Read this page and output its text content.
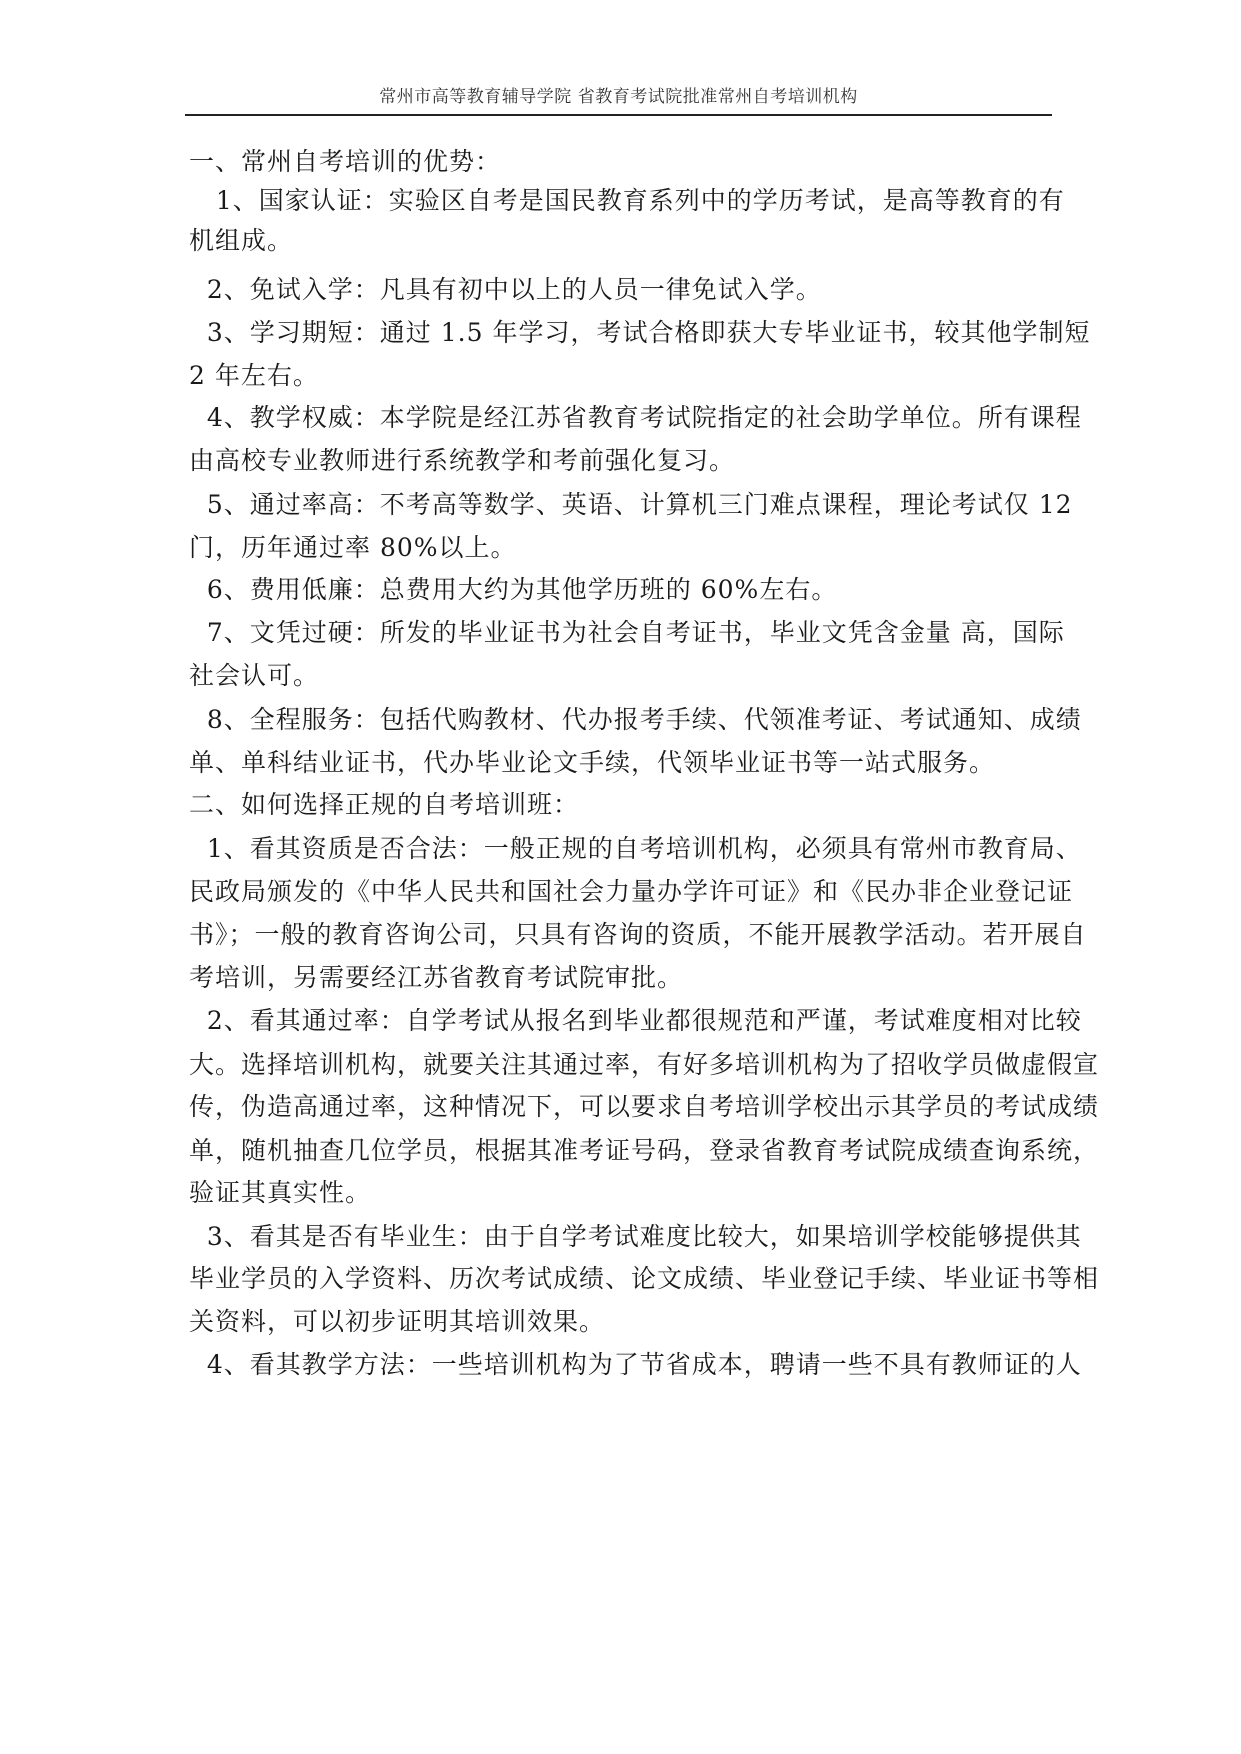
常州市高等教育辅导学院 省教育考试院批准常州自考培训机构

一、常州自考培训的优势：

1、国家认证：实验区自考是国民教育系列中的学历考试，是高等教育的有

机组成。

2、免试入学：凡具有初中以上的人员一律免试入学。

3、学习期短：通过 1.5 年学习，考试合格即获大专毕业证书，较其他学制短

2 年左右。

4、教学权威：本学院是经江苏省教育考试院指定的社会助学单位。所有课程

由高校专业教师进行系统教学和考前强化复习。

5、通过率高：不考高等数学、英语、计算机三门难点课程，理论考试仅 12

门，历年通过率 80%以上。

6、费用低廉：总费用大约为其他学历班的 60%左右。

7、文凭过硬：所发的毕业证书为社会自考证书，毕业文凭含金量 高，国际

社会认可。

8、全程服务：包括代购教材、代办报考手续、代领准考证、考试通知、成绩

单、单科结业证书，代办毕业论文手续，代领毕业证书等一站式服务。

二、如何选择正规的自考培训班：

1、看其资质是否合法：一般正规的自考培训机构，必须具有常州市教育局、

民政局颁发的《中华人民共和国社会力量办学许可证》和《民办非企业登记证

书》；一般的教育咨询公司，只具有咨询的资质，不能开展教学活动。若开展自

考培训，另需要经江苏省教育考试院审批。

2、看其通过率：自学考试从报名到毕业都很规范和严谨，考试难度相对比较

大。选择培训机构，就要关注其通过率，有好多培训机构为了招收学员做虚假宣

传，伪造高通过率，这种情况下，可以要求自考培训学校出示其学员的考试成绩

单，随机抽查几位学员，根据其准考证号码，登录省教育考试院成绩查询系统，

验证其真实性。

3、看其是否有毕业生：由于自学考试难度比较大，如果培训学校能够提供其

毕业学员的入学资料、历次考试成绩、论文成绩、毕业登记手续、毕业证书等相

关资料，可以初步证明其培训效果。

4、看其教学方法：一些培训机构为了节省成本，聘请一些不具有教师证的人
